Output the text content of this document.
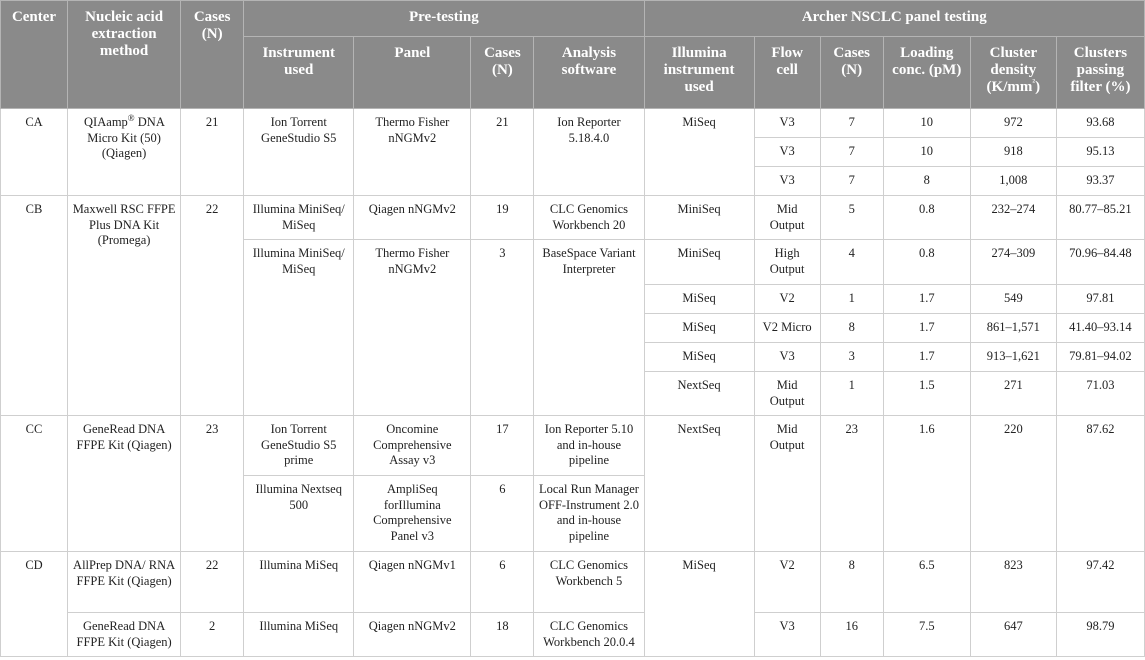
Center	Nucleic acid extraction method	Cases (N)	Pre-testing				Archer NSCLC panel testing					
			Instrument used	Panel	Cases (N)	Analysis software	Illumina instrument used	Flow cell	Cases (N)	Loading conc. (pM)	Cluster density $(K/mm^{^2})$	Clusters passing filter (%)
CA	QIAamp® DNA Micro Kit (50) (Qiagen)	21	Ion Torrent GeneStudio S5	Thermo Fisher nNGMv2	21	Ion Reporter 5.18.4.0	MiSeq	V3	7	10	972	93.68
								V3	7	10	918	95.13
								V3	7	8	1,008	93.37
CB	Maxwell RSC FFPE Plus DNA Kit (Promega)	22	Illumina MiniSeq/ MiSeq	Qiagen nNGMv2	19	CLC Genomics Workbench 20	MiniSeq	Mid Output	5	0.8	232–274	80.77–85.21
			Illumina MiniSeq/ MiSeq	Thermo Fisher nNGMv2	3	BaseSpace Variant Interpreter	MiniSeq	High Output	4	0.8	274–309	70.96–84.48
							MiSeq	V2	1	1.7	549	97.81
							MiSeq	V2 Micro	8	1.7	861–1,571	41.40–93.14
							MiSeq	V3	3	1.7	913–1,621	79.81–94.02
							NextSeq	Mid Output	1	1.5	271	71.03
CC	GeneRead DNA FFPE Kit (Qiagen)	23	Ion Torrent GeneStudio S5 prime	Oncomine Comprehensive Assay v3	17	Ion Reporter 5.10 and in-house pipeline	NextSeq	Mid Output	23	1.6	220	87.62
			Illumina Nextseq 500	AmpliSeq forIllumina Comprehensive Panel v3	6	Local Run Manager OFF-Instrument 2.0 and in-house pipeline						
CD	AllPrep DNA/ RNA FFPE Kit (Qiagen)	22	Illumina MiSeq	Qiagen nNGMv1	6	CLC Genomics Workbench 5	MiSeq	V2	8	6.5	823	97.42
	GeneRead DNA FFPE Kit (Qiagen)	2	Illumina MiSeq	Qiagen nNGMv2	18	CLC Genomics Workbench 20.0.4		V3	16	7.5	647	98.79
